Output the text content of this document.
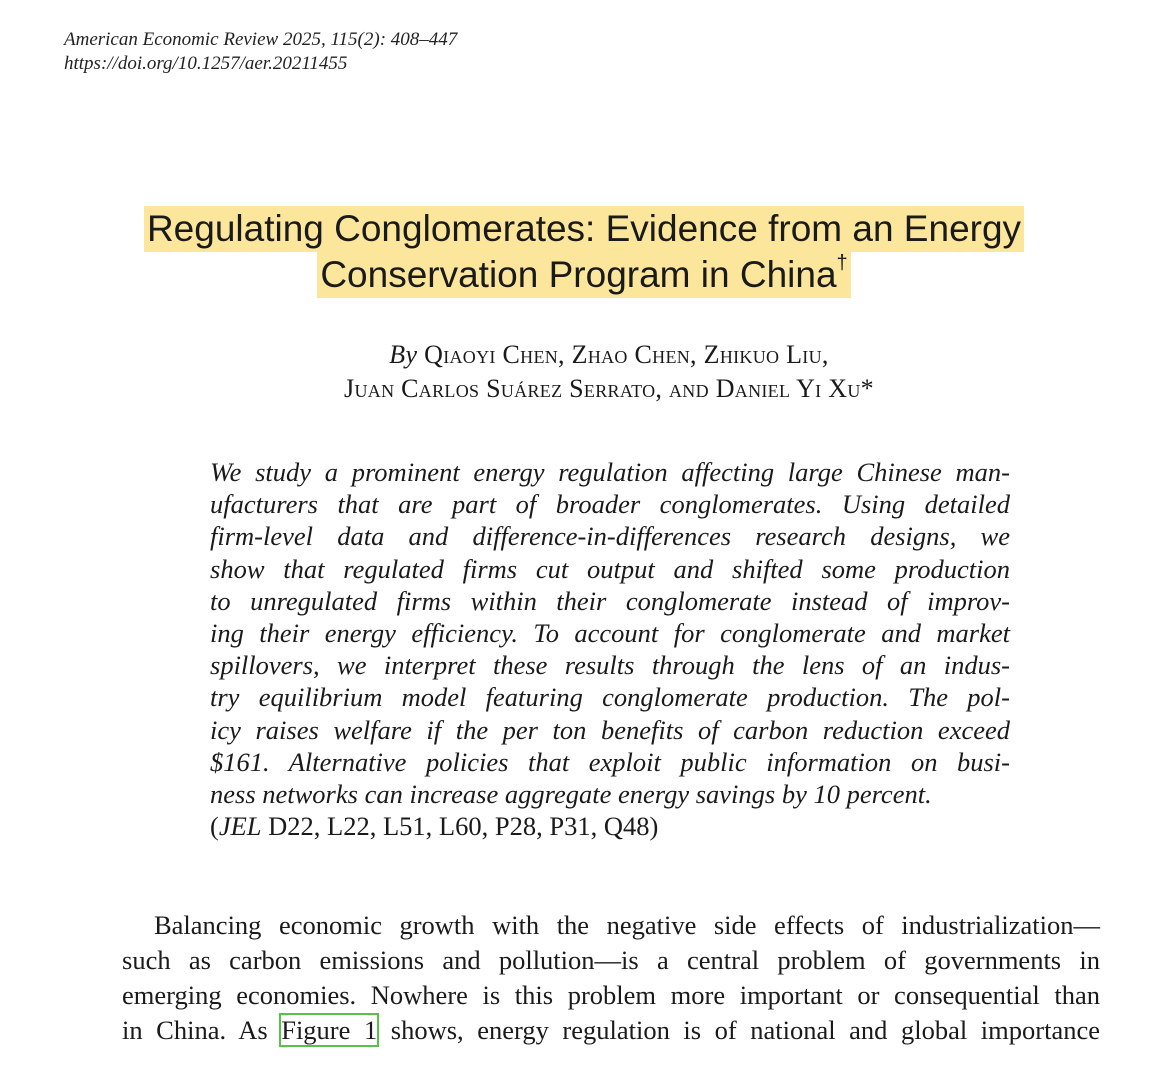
American Economic Review 2025, 115(2): 408–447
https://doi.org/10.1257/aer.20211455
Regulating Conglomerates: Evidence from an Energy
Conservation Program in China†
By Qiaoyi Chen, Zhao Chen, Zhikuo Liu,
Juan Carlos Suárez Serrato, and Daniel Yi Xu*
We study a prominent energy regulation affecting large Chinese man-
ufacturers that are part of broader conglomerates. Using detailed
firm-level data and difference-in-differences research designs, we
show that regulated firms cut output and shifted some production
to unregulated firms within their conglomerate instead of improv-
ing their energy efficiency. To account for conglomerate and market
spillovers, we interpret these results through the lens of an indus-
try equilibrium model featuring conglomerate production. The pol-
icy raises welfare if the per ton benefits of carbon reduction exceed
$161. Alternative policies that exploit public information on busi-
ness networks can increase aggregate energy savings by 10 percent.
(JEL D22, L22, L51, L60, P28, P31, Q48)
Balancing economic growth with the negative side effects of industrialization—
such as carbon emissions and pollution—is a central problem of governments in
emerging economies. Nowhere is this problem more important or consequential than
in China. As Figure 1 shows, energy regulation is of national and global importance
